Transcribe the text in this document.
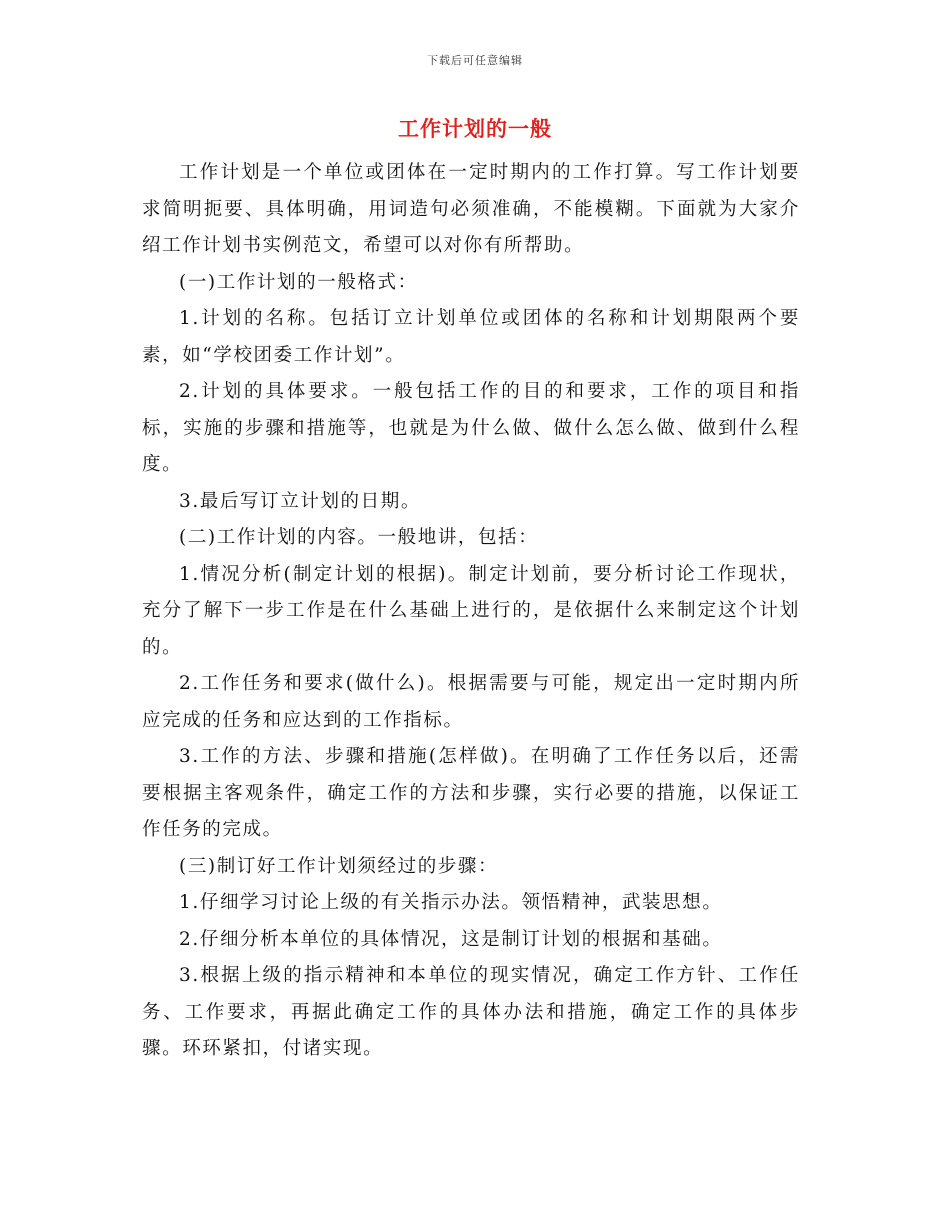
下载后可任意编辑
工作计划的一般

工作计划是一个单位或团体在一定时期内的工作打算。写工作计划要求简明扼要、具体明确，用词造句必须准确，不能模糊。下面就为大家介绍工作计划书实例范文，希望可以对你有所帮助。

(一)工作计划的一般格式：

1.计划的名称。包括订立计划单位或团体的名称和计划期限两个要素，如“学校团委工作计划”。

2.计划的具体要求。一般包括工作的目的和要求，工作的项目和指标，实施的步骤和措施等，也就是为什么做、做什么怎么做、做到什么程度。

3.最后写订立计划的日期。

(二)工作计划的内容。一般地讲，包括：

1.情况分析(制定计划的根据)。制定计划前，要分析讨论工作现状，充分了解下一步工作是在什么基础上进行的，是依据什么来制定这个计划的。

2.工作任务和要求(做什么)。根据需要与可能，规定出一定时期内所应完成的任务和应达到的工作指标。

3.工作的方法、步骤和措施(怎样做)。在明确了工作任务以后，还需要根据主客观条件，确定工作的方法和步骤，实行必要的措施，以保证工作任务的完成。

(三)制订好工作计划须经过的步骤：

1.仔细学习讨论上级的有关指示办法。领悟精神，武装思想。

2.仔细分析本单位的具体情况，这是制订计划的根据和基础。

3.根据上级的指示精神和本单位的现实情况，确定工作方针、工作任务、工作要求，再据此确定工作的具体办法和措施，确定工作的具体步骤。环环紧扣，付诸实现。
